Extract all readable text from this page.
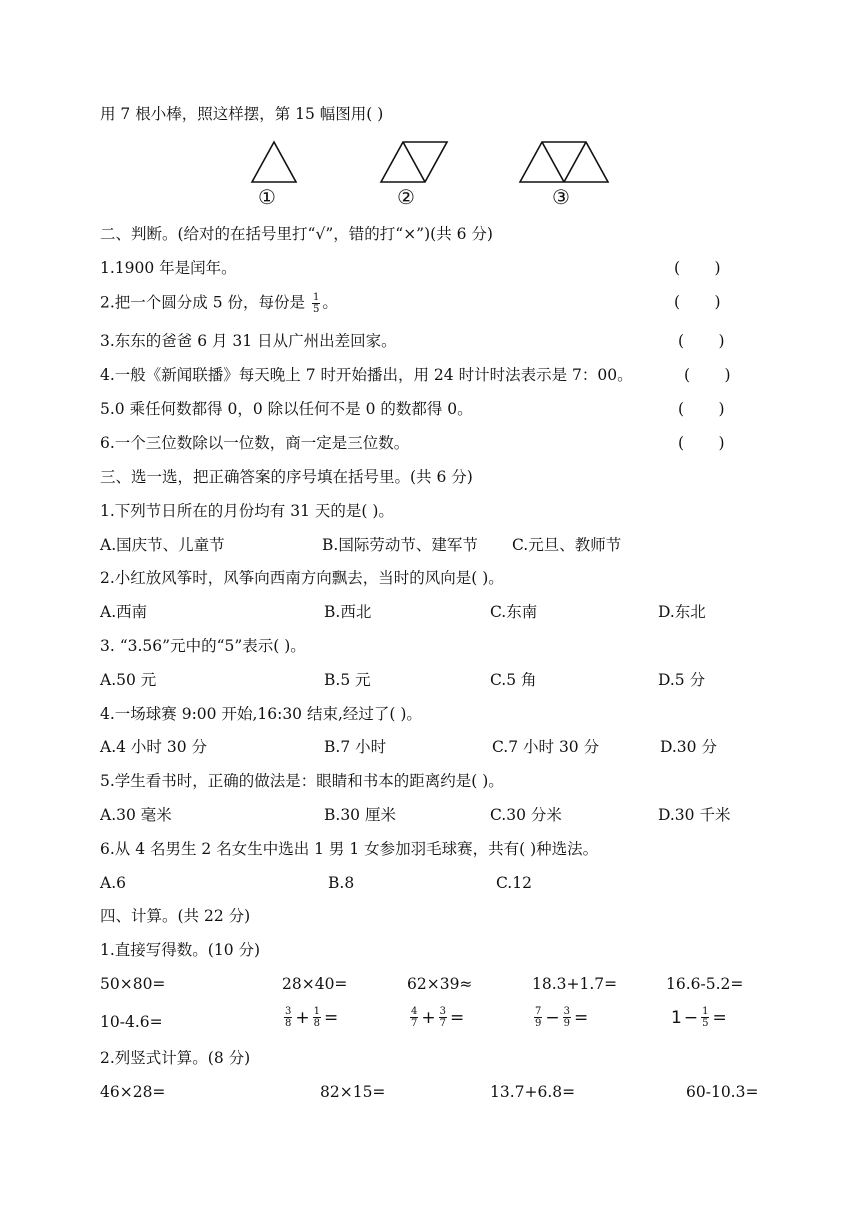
用 7 根小棒，照这样摆，第 15 幅图用( )
①	②	③
二、判断。(给对的在括号里打“√”，错的打“×”)(共 6 分)
1.1900 年是闰年。	(       )
2.把一个圆分成 5 份，每份是 $\frac{1}{5}$ 。	(       )
3.东东的爸爸 6 月 31 日从广州出差回家。	(       )
4.一般《新闻联播》每天晚上 7 时开始播出，用 24 时计时法表示是 7：00。	(       )
5.0 乘任何数都得 0，0 除以任何不是 0 的数都得 0。	(       )
6.一个三位数除以一位数，商一定是三位数。	(       )
三、选一选，把正确答案的序号填在括号里。(共 6 分)
1.下列节日所在的月份均有 31 天的是( )。
A.国庆节、儿童节	B.国际劳动节、建军节 C.元旦、教师节
2.小红放风筝时，风筝向西南方向飘去，当时的风向是( )。
A.西南	B.西北	C.东南	D.东北
3. “3.56”元中的“5”表示( )。
A.50 元	B.5 元	C.5 角	D.5 分
4.一场球赛 9:00 开始,16:30 结束,经过了( )。
A.4 小时 30 分	B.7 小时	C.7 小时 30 分	D.30 分
5.学生看书时，正确的做法是：眼睛和书本的距离约是( )。
A.30 毫米	B.30 厘米	C.30 分米	D.30 千米
6.从 4 名男生 2 名女生中选出 1 男 1 女参加羽毛球赛，共有( )种选法。
A.6	B.8	C.12
四、计算。(共 22 分)
1.直接写得数。(10 分)
50×80=	28×40=	62×39≈	18.3+1.7=	16.6-5.2=
10-4.6=	$\frac{3}{8} + \frac{1}{8}$ =	$\frac{4}{7} + \frac{3}{7}$ =	$\frac{7}{9} - \frac{3}{9}$ =	$1 - \frac{1}{5}$ =
2.列竖式计算。(8 分)
46×28=	82×15=	13.7+6.8=	60-10.3=
